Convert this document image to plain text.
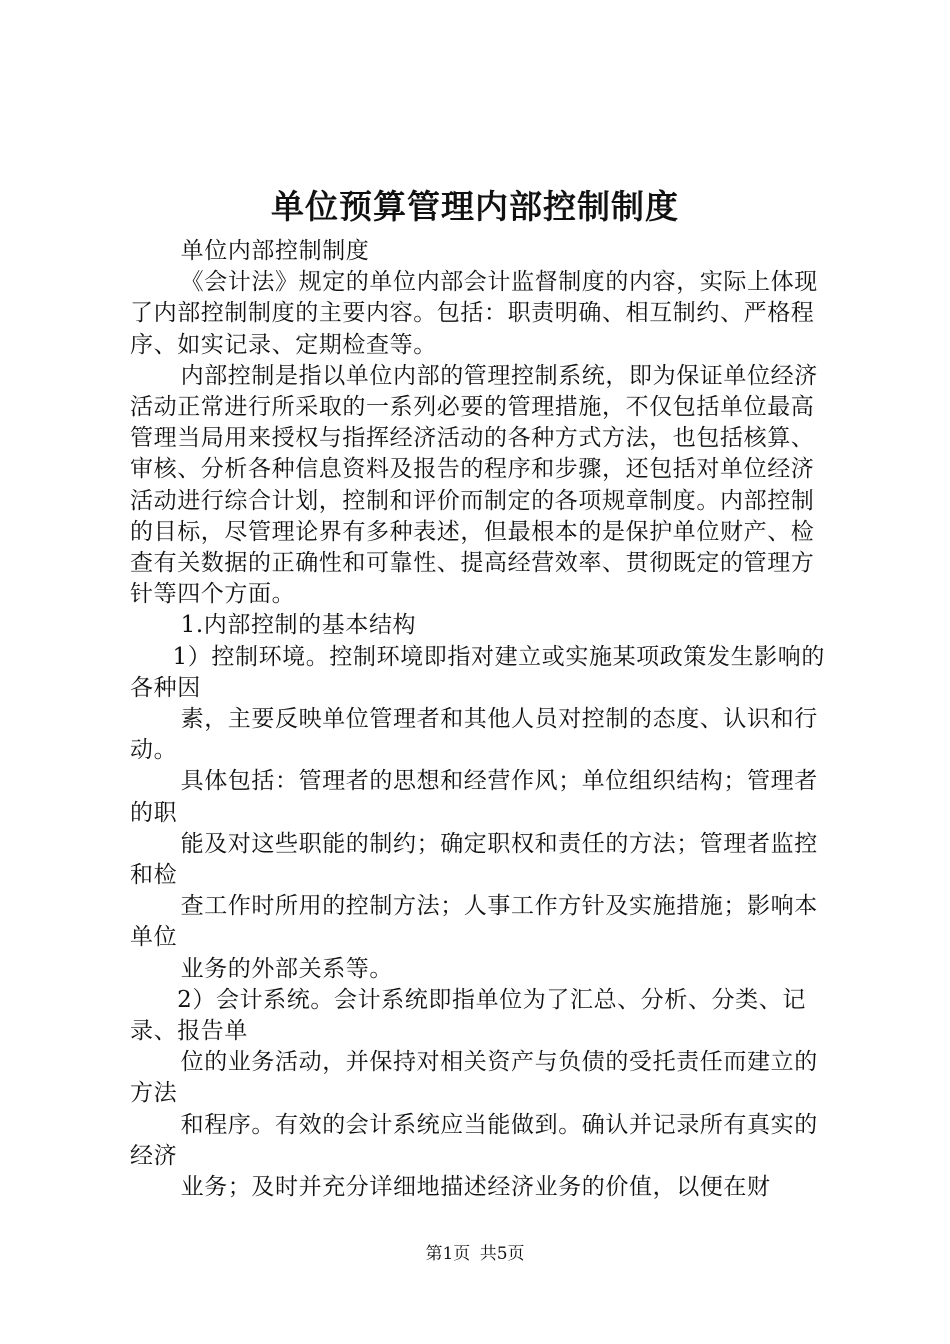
单位预算管理内部控制制度

单位内部控制制度

《会计法》规定的单位内部会计监督制度的内容，实际上体现了内部控制制度的主要内容。包括：职责明确、相互制约、严格程序、如实记录、定期检查等。

内部控制是指以单位内部的管理控制系统，即为保证单位经济活动正常进行所采取的一系列必要的管理措施，不仅包括单位最高管理当局用来授权与指挥经济活动的各种方式方法，也包括核算、审核、分析各种信息资料及报告的程序和步骤，还包括对单位经济活动进行综合计划，控制和评价而制定的各项规章制度。内部控制的目标，尽管理论界有多种表述，但最根本的是保护单位财产、检查有关数据的正确性和可靠性、提高经营效率、贯彻既定的管理方针等四个方面。

1.内部控制的基本结构

1）控制环境。控制环境即指对建立或实施某项政策发生影响的各种因

素，主要反映单位管理者和其他人员对控制的态度、认识和行动。

具体包括：管理者的思想和经营作风；单位组织结构；管理者的职

能及对这些职能的制约；确定职权和责任的方法；管理者监控和检

查工作时所用的控制方法；人事工作方针及实施措施；影响本单位

业务的外部关系等。

2）会计系统。会计系统即指单位为了汇总、分析、分类、记录、报告单

位的业务活动，并保持对相关资产与负债的受托责任而建立的方法

和程序。有效的会计系统应当能做到。确认并记录所有真实的经济

业务；及时并充分详细地描述经济业务的价值，以便在财

第1页 共5页
